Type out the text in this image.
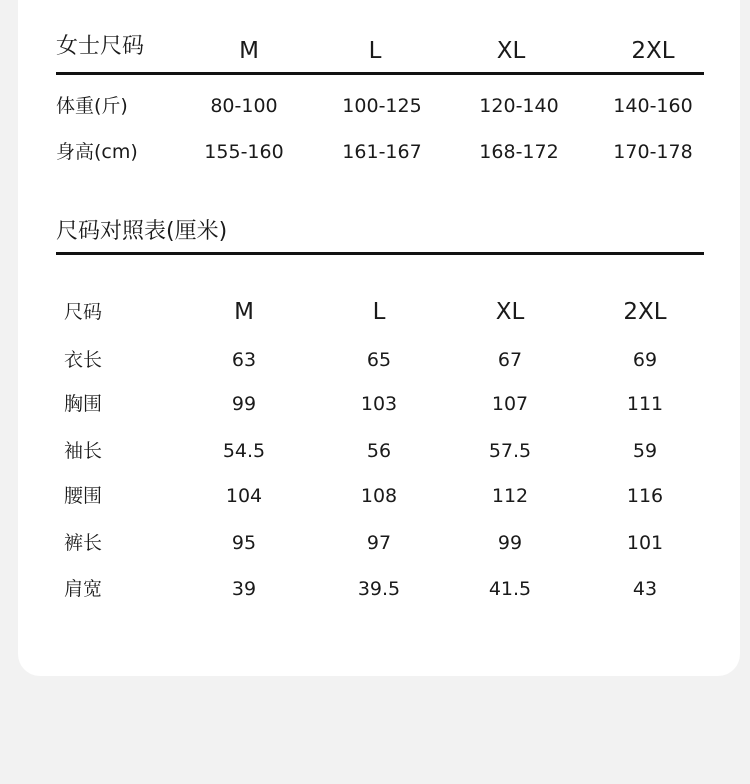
女士尺码	M	L	XL	2XL
体重(斤)	80-100	100-125	120-140	140-160
身高(cm)	155-160	161-167	168-172	170-178
尺码对照表(厘米)
尺码	M	L	XL	2XL
衣长	63	65	67	69
胸围	99	103	107	111
袖长	54.5	56	57.5	59
腰围	104	108	112	116
裤长	95	97	99	101
肩宽	39	39.5	41.5	43
